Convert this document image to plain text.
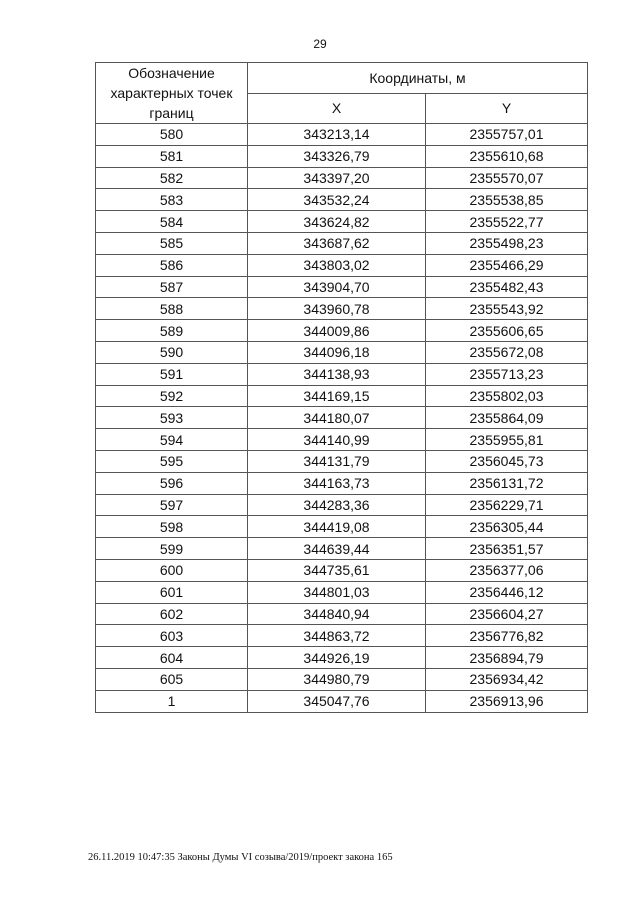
29
Обозначение характерных точек границ	Координаты, м	
	X	Y
580	343213,14	2355757,01
581	343326,79	2355610,68
582	343397,20	2355570,07
583	343532,24	2355538,85
584	343624,82	2355522,77
585	343687,62	2355498,23
586	343803,02	2355466,29
587	343904,70	2355482,43
588	343960,78	2355543,92
589	344009,86	2355606,65
590	344096,18	2355672,08
591	344138,93	2355713,23
592	344169,15	2355802,03
593	344180,07	2355864,09
594	344140,99	2355955,81
595	344131,79	2356045,73
596	344163,73	2356131,72
597	344283,36	2356229,71
598	344419,08	2356305,44
599	344639,44	2356351,57
600	344735,61	2356377,06
601	344801,03	2356446,12
602	344840,94	2356604,27
603	344863,72	2356776,82
604	344926,19	2356894,79
605	344980,79	2356934,42
1	345047,76	2356913,96
26.11.2019 10:47:35 Законы Думы VI созыва/2019/проект закона 165
